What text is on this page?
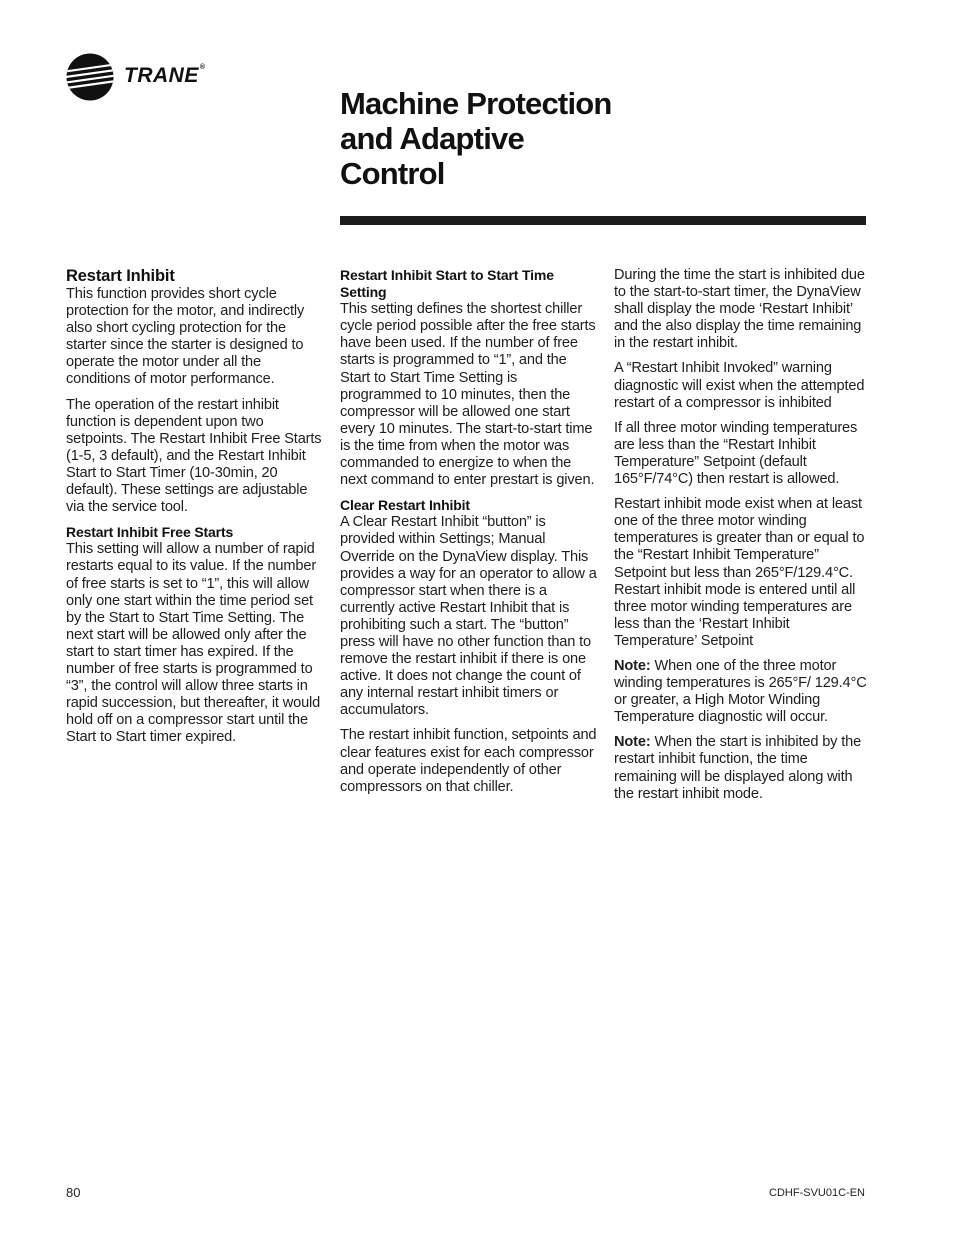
TRANE®
Machine Protection
and Adaptive
Control
Restart Inhibit

This function provides short cycle protection for the motor, and indirectly also short cycling protection for the starter since the starter is designed to operate the motor under all the conditions of motor performance.

The operation of the restart inhibit function is dependent upon two setpoints. The Restart Inhibit Free Starts (1-5, 3 default), and the Restart Inhibit Start to Start Timer (10-30min, 20 default). These settings are adjustable via the service tool.

Restart Inhibit Free Starts

This setting will allow a number of rapid restarts equal to its value. If the number of free starts is set to “1”, this will allow only one start within the time period set by the Start to Start Time Setting. The next start will be allowed only after the start to start timer has expired. If the number of free starts is programmed to “3”, the control will allow three starts in rapid succession, but thereafter, it would hold off on a compressor start until the Start to Start timer expired.

Restart Inhibit Start to Start Time Setting

This setting defines the shortest chiller cycle period possible after the free starts have been used. If the number of free starts is programmed to “1”, and the Start to Start Time Setting is programmed to 10 minutes, then the compressor will be allowed one start every 10 minutes. The start-to-start time is the time from when the motor was commanded to energize to when the next command to enter prestart is given.

Clear Restart Inhibit

A Clear Restart Inhibit “button” is provided within Settings; Manual Override on the DynaView display. This provides a way for an operator to allow a compressor start when there is a currently active Restart Inhibit that is prohibiting such a start. The “button” press will have no other function than to remove the restart inhibit if there is one active. It does not change the count of any internal restart inhibit timers or accumulators.

The restart inhibit function, setpoints and clear features exist for each compressor and operate independently of other compressors on that chiller.

During the time the start is inhibited due to the start-to-start timer, the DynaView shall display the mode ‘Restart Inhibit’ and the also display the time remaining in the restart inhibit.

A “Restart Inhibit Invoked” warning diagnostic will exist when the attempted restart of a compressor is inhibited

If all three motor winding temperatures are less than the “Restart Inhibit Temperature” Setpoint (default 165°F/74°C) then restart is allowed.

Restart inhibit mode exist when at least one of the three motor winding temperatures is greater than or equal to the “Restart Inhibit Temperature” Setpoint but less than 265°F/129.4°C. Restart inhibit mode is entered until all three motor winding temperatures are less than the ‘Restart Inhibit Temperature’ Setpoint

Note: When one of the three motor winding temperatures is 265°F/ 129.4°C or greater, a High Motor Winding Temperature diagnostic will occur.

Note: When the start is inhibited by the restart inhibit function, the time remaining will be displayed along with the restart inhibit mode.

80	CDHF-SVU01C-EN
